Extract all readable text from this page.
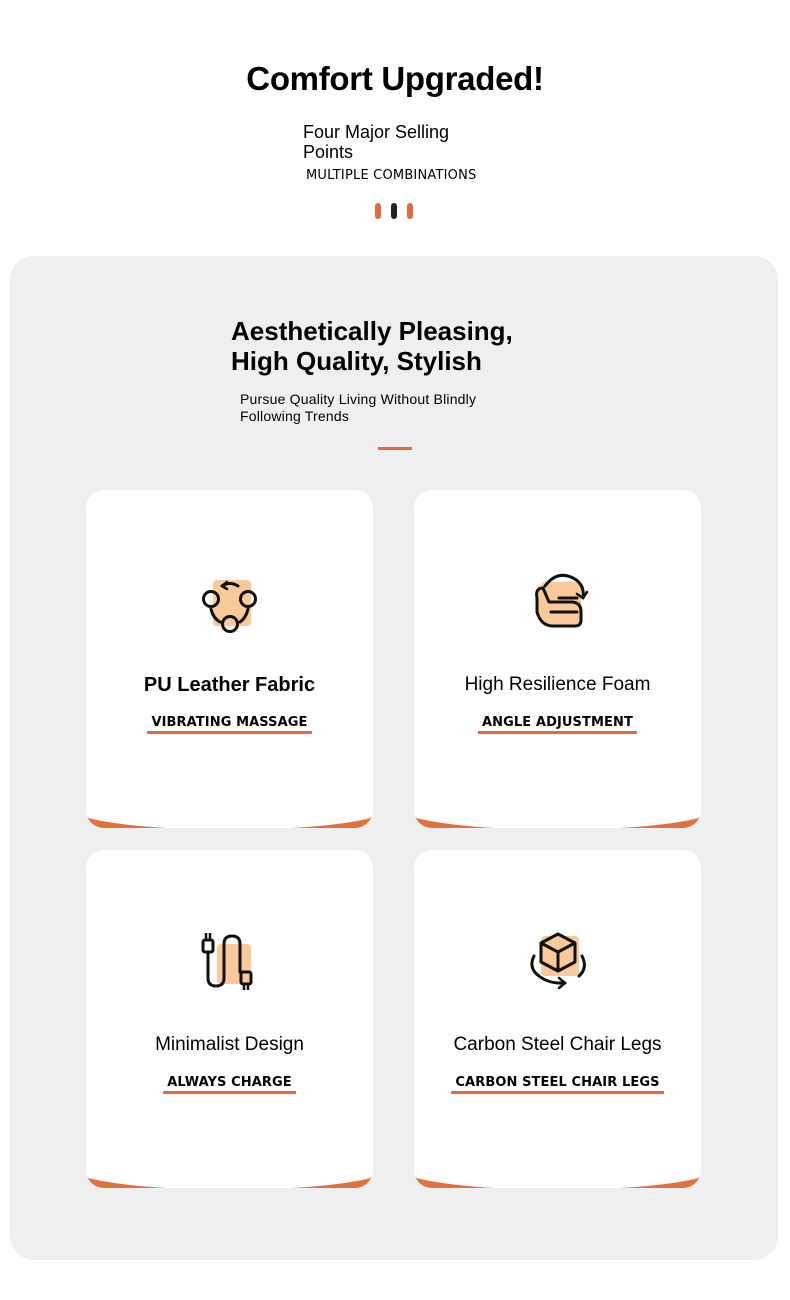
Comfort Upgraded!
Four Major Selling Points
MULTIPLE COMBINATIONS
Aesthetically Pleasing, High Quality, Stylish
Pursue Quality Living Without Blindly Following Trends
PU Leather Fabric
VIBRATING MASSAGE
High Resilience Foam
ANGLE ADJUSTMENT
Minimalist Design
ALWAYS CHARGE
Carbon Steel Chair Legs
CARBON STEEL CHAIR LEGS
